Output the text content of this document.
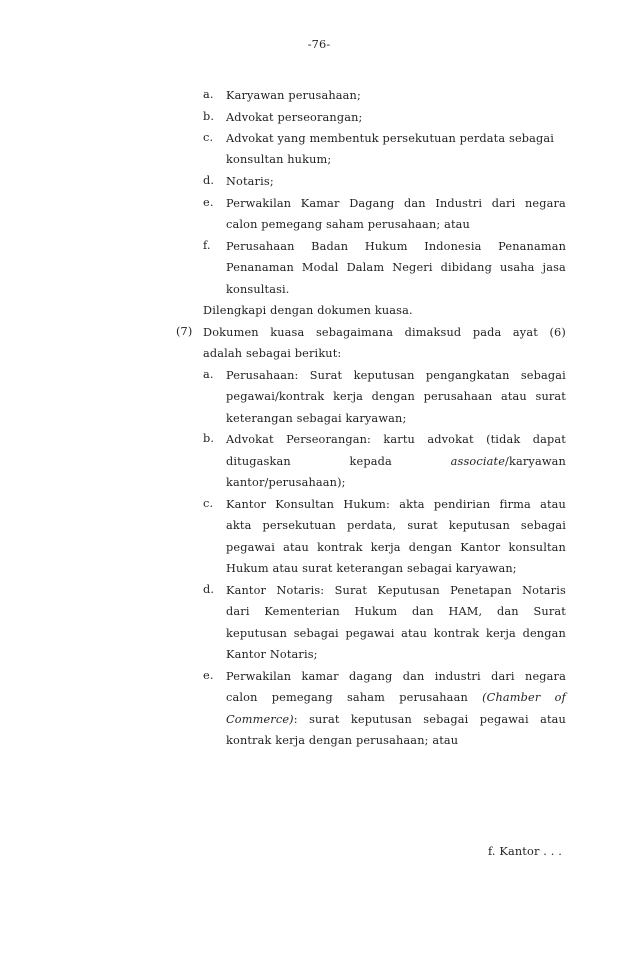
-76-
a. Karyawan perusahaan;
b. Advokat perseorangan;
c. Advokat yang membentuk persekutuan perdata sebagai
konsultan hukum;
d. Notaris;
e. Perwakilan Kamar Dagang dan Industri dari negara
calon pemegang saham perusahaan; atau
f. Perusahaan Badan Hukum Indonesia Penanaman
Penanaman Modal Dalam Negeri dibidang usaha jasa
konsultasi.
Dilengkapi dengan dokumen kuasa.
(7) Dokumen kuasa sebagaimana dimaksud pada ayat (6)
adalah sebagai berikut:
a. Perusahaan: Surat keputusan pengangkatan sebagai
pegawai/kontrak kerja dengan perusahaan atau surat
keterangan sebagai karyawan;
b. Advokat Perseorangan: kartu advokat (tidak dapat
ditugaskan	kepada	associate/karyawan
kantor/perusahaan);
c. Kantor Konsultan Hukum: akta pendirian firma atau
akta persekutuan perdata, surat keputusan sebagai
pegawai atau kontrak kerja dengan Kantor konsultan
Hukum atau surat keterangan sebagai karyawan;
d. Kantor Notaris: Surat Keputusan Penetapan Notaris
dari Kementerian Hukum dan HAM, dan Surat
keputusan sebagai pegawai atau kontrak kerja dengan
Kantor Notaris;
e. Perwakilan kamar dagang dan industri dari negara
calon pemegang saham perusahaan (Chamber of
Commerce): surat keputusan sebagai pegawai atau
kontrak kerja dengan perusahaan; atau
f. Kantor . . .
